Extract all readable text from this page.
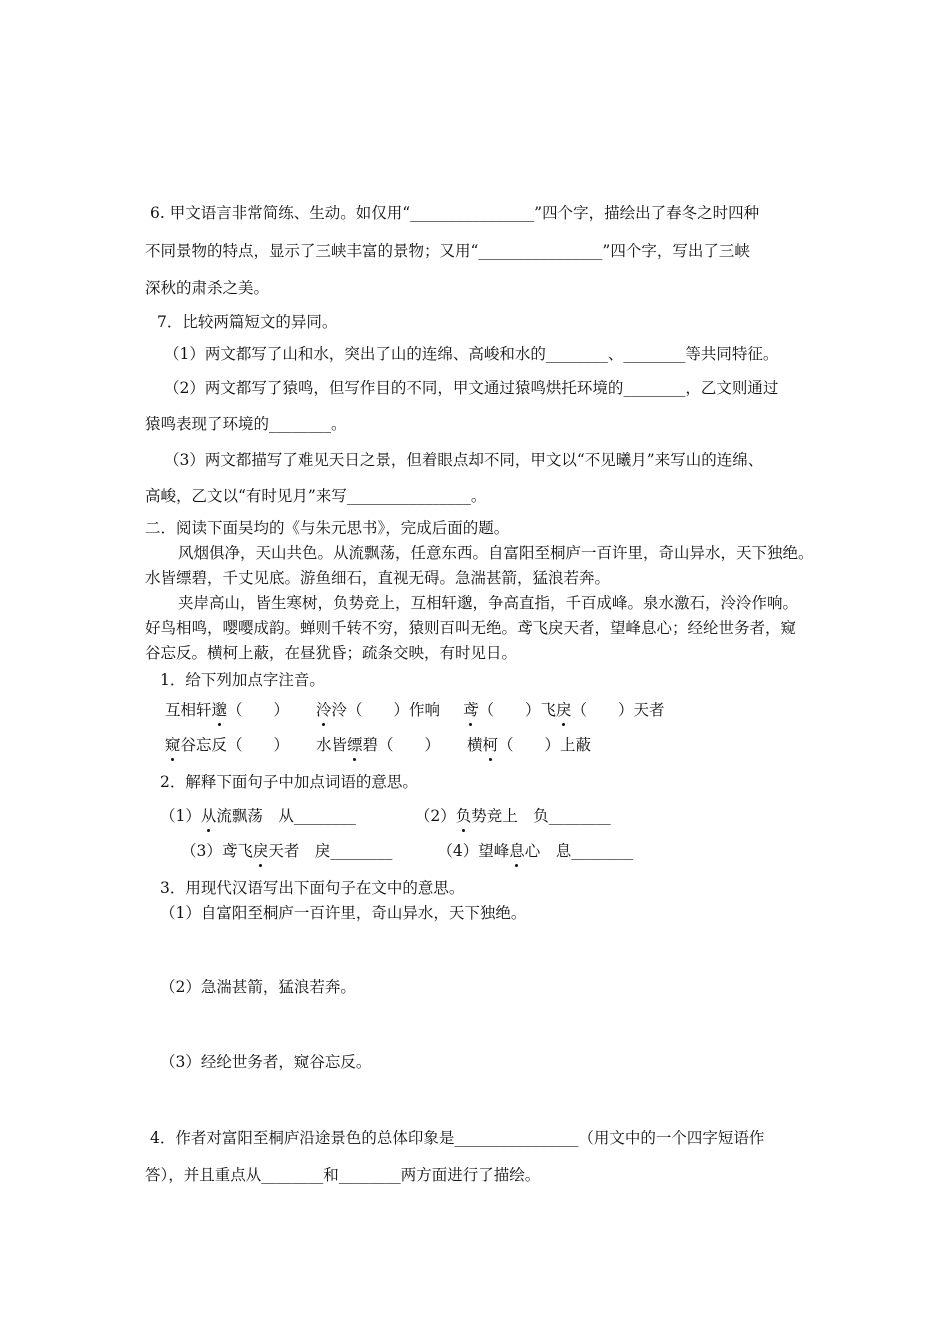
6. 甲文语言非常简练、生动。如仅用“________________”四个字，描绘出了春冬之时四种
不同景物的特点，显示了三峡丰富的景物；又用“________________”四个字，写出了三峡
深秋的肃杀之美。
7．比较两篇短文的异同。
（1）两文都写了山和水，突出了山的连绵、高峻和水的________、________等共同特征。
（2）两文都写了猿鸣，但写作目的不同，甲文通过猿鸣烘托环境的________，乙文则通过
猿鸣表现了环境的________。
（3）两文都描写了难见天日之景，但着眼点却不同，甲文以“不见曦月”来写山的连绵、
高峻，乙文以“有时见月”来写________________。
二．阅读下面吴均的《与朱元思书》，完成后面的题。
风烟俱净，天山共色。从流飘荡，任意东西。自富阳至桐庐一百许里，奇山异水，天下独绝。
水皆缥碧，千丈见底。游鱼细石，直视无碍。急湍甚箭，猛浪若奔。
夹岸高山，皆生寒树，负势竞上，互相轩邈，争高直指，千百成峰。泉水激石，泠泠作响。
好鸟相鸣，嘤嘤成韵。蝉则千转不穷，猿则百叫无绝。鸢飞戾天者，望峰息心；经纶世务者，窥
谷忘反。横柯上蔽，在昼犹昏；疏条交映，有时见日。
1．给下列加点字注音。
互相轩邈（　　） 泠泠（　　）作响 鸢（　　）飞戾（　　）天者
窥谷忘反（　　） 水皆缥碧（　　） 横柯（　　）上蔽
2．解释下面句子中加点词语的意思。
（1）从流飘荡　从________	（2）负势竞上　负________
（3）鸢飞戾天者　戾________	（4）望峰息心　息________
3．用现代汉语写出下面句子在文中的意思。
（1）自富阳至桐庐一百许里，奇山异水，天下独绝。
（2）急湍甚箭，猛浪若奔。
（3）经纶世务者，窥谷忘反。
4．作者对富阳至桐庐沿途景色的总体印象是________________（用文中的一个四字短语作
答），并且重点从________和________两方面进行了描绘。
